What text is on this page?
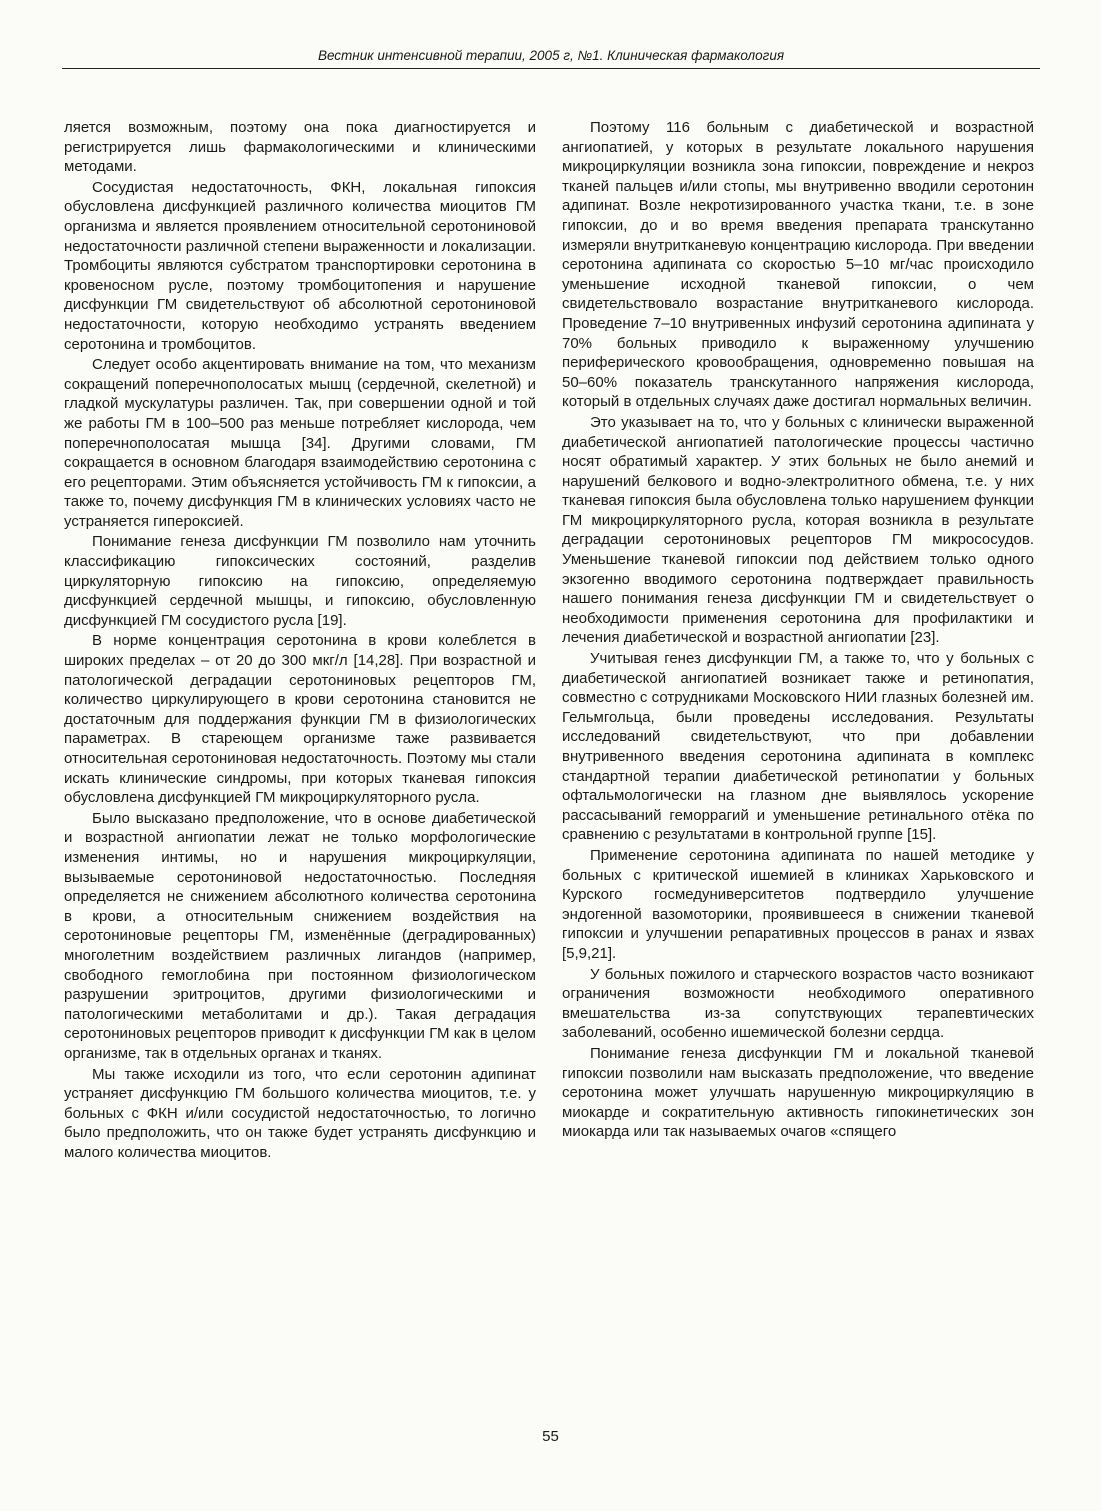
Вестник интенсивной терапии, 2005 г, №1. Клиническая фармакология

ляется возможным, поэтому она пока диагностируется и регистрируется лишь фармакологическими и клиническими методами.

Сосудистая недостаточность, ФКН, локальная гипоксия обусловлена дисфункцией различного количества миоцитов ГМ организма и является проявлением относительной серотониновой недостаточности различной степени выраженности и локализации. Тромбоциты являются субстратом транспортировки серотонина в кровеносном русле, поэтому тромбоцитопения и нарушение дисфункции ГМ свидетельствуют об абсолютной серотониновой недостаточности, которую необходимо устранять введением серотонина и тромбоцитов.

Следует особо акцентировать внимание на том, что механизм сокращений поперечнополосатых мышц (сердечной, скелетной) и гладкой мускулатуры различен. Так, при совершении одной и той же работы ГМ в 100–500 раз меньше потребляет кислорода, чем поперечнополосатая мышца [34]. Другими словами, ГМ сокращается в основном благодаря взаимодействию серотонина с его рецепторами. Этим объясняется устойчивость ГМ к гипоксии, а также то, почему дисфункция ГМ в клинических условиях часто не устраняется гипероксией.

Понимание генеза дисфункции ГМ позволило нам уточнить классификацию гипоксических состояний, разделив циркуляторную гипоксию на гипоксию, определяемую дисфункцией сердечной мышцы, и гипоксию, обусловленную дисфункцией ГМ сосудистого русла [19].

В норме концентрация серотонина в крови колеблется в широких пределах – от 20 до 300 мкг/л [14,28]. При возрастной и патологической деградации серотониновых рецепторов ГМ, количество циркулирующего в крови серотонина становится не достаточным для поддержания функции ГМ в физиологических параметрах. В стареющем организме таже развивается относительная серотониновая недостаточность. Поэтому мы стали искать клинические синдромы, при которых тканевая гипоксия обусловлена дисфункцией ГМ микроциркуляторного русла.

Было высказано предположение, что в основе диабетической и возрастной ангиопатии лежат не только морфологические изменения интимы, но и нарушения микроциркуляции, вызываемые серотониновой недостаточностью. Последняя определяется не снижением абсолютного количества серотонина в крови, а относительным снижением воздействия на серотониновые рецепторы ГМ, изменённые (деградированных) многолетним воздействием различных лигандов (например, свободного гемоглобина при постоянном физиологическом разрушении эритроцитов, другими физиологическими и патологическими метаболитами и др.). Такая деградация серотониновых рецепторов приводит к дисфункции ГМ как в целом организме, так в отдельных органах и тканях.

Мы также исходили из того, что если серотонин адипинат устраняет дисфункцию ГМ большого количества миоцитов, т.е. у больных с ФКН и/или сосудистой недостаточностью, то логично было предположить, что он также будет устранять дисфункцию и малого количества миоцитов.

Поэтому 116 больным с диабетической и возрастной ангиопатией, у которых в результате локального нарушения микроциркуляции возникла зона гипоксии, повреждение и некроз тканей пальцев и/или стопы, мы внутривенно вводили серотонин адипинат. Возле некротизированного участка ткани, т.е. в зоне гипоксии, до и во время введения препарата транскутанно измеряли внутритканевую концентрацию кислорода. При введении серотонина адипината со скоростью 5–10 мг/час происходило уменьшение исходной тканевой гипоксии, о чем свидетельствовало возрастание внутритканевого кислорода. Проведение 7–10 внутривенных инфузий серотонина адипината у 70% больных приводило к выраженному улучшению периферического кровообращения, одновременно повышая на 50–60% показатель транскутанного напряжения кислорода, который в отдельных случаях даже достигал нормальных величин.

Это указывает на то, что у больных с клинически выраженной диабетической ангиопатией патологические процессы частично носят обратимый характер. У этих больных не было анемий и нарушений белкового и водно-электролитного обмена, т.е. у них тканевая гипоксия была обусловлена только нарушением функции ГМ микроциркуляторного русла, которая возникла в результате деградации серотониновых рецепторов ГМ микрососудов. Уменьшение тканевой гипоксии под действием только одного экзогенно вводимого серотонина подтверждает правильность нашего понимания генеза дисфункции ГМ и свидетельствует о необходимости применения серотонина для профилактики и лечения диабетической и возрастной ангиопатии [23].

Учитывая генез дисфункции ГМ, а также то, что у больных с диабетической ангиопатией возникает также и ретинопатия, совместно с сотрудниками Московского НИИ глазных болезней им. Гельмгольца, были проведены исследования. Результаты исследований свидетельствуют, что при добавлении внутривенного введения серотонина адипината в комплекс стандартной терапии диабетической ретинопатии у больных офтальмологически на глазном дне выявлялось ускорение рассасываний геморрагий и уменьшение ретинального отёка по сравнению с результатами в контрольной группе [15].

Применение серотонина адипината по нашей методике у больных с критической ишемией в клиниках Харьковского и Курского госмедуниверситетов подтвердило улучшение эндогенной вазомоторики, проявившееся в снижении тканевой гипоксии и улучшении репаративных процессов в ранах и язвах [5,9,21].

У больных пожилого и старческого возрастов часто возникают ограничения возможности необходимого оперативного вмешательства из-за сопутствующих терапевтических заболеваний, особенно ишемической болезни сердца.

Понимание генеза дисфункции ГМ и локальной тканевой гипоксии позволили нам высказать предположение, что введение серотонина может улучшать нарушенную микроциркуляцию в миокарде и сократительную активность гипокинетических зон миокарда или так называемых очагов «спящего

55
